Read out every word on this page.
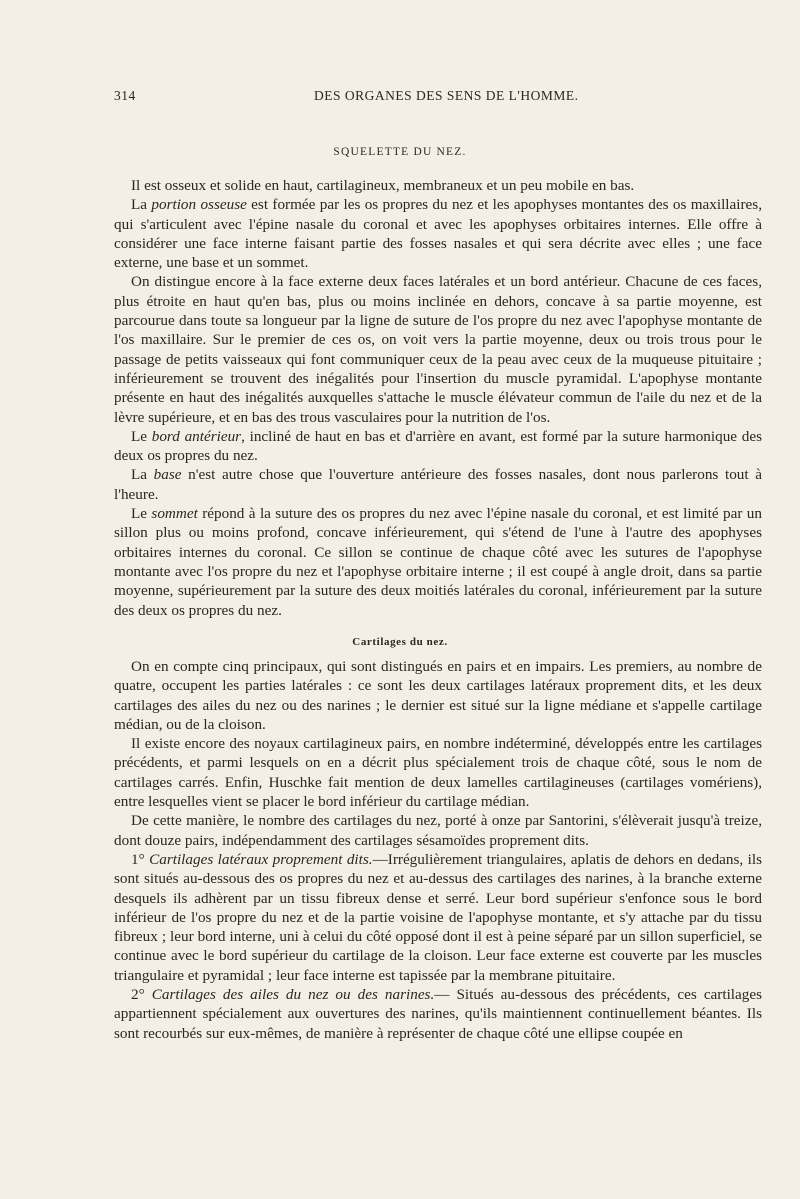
314	DES ORGANES DES SENS DE L'HOMME.
SQUELETTE DU NEZ.

Il est osseux et solide en haut, cartilagineux, membraneux et un peu mobile en bas.

La portion osseuse est formée par les os propres du nez et les apophyses montantes des os maxillaires, qui s'articulent avec l'épine nasale du coronal et avec les apophyses orbitaires internes. Elle offre à considérer une face interne faisant partie des fosses nasales et qui sera décrite avec elles ; une face externe, une base et un sommet.

On distingue encore à la face externe deux faces latérales et un bord antérieur. Chacune de ces faces, plus étroite en haut qu'en bas, plus ou moins inclinée en dehors, concave à sa partie moyenne, est parcourue dans toute sa longueur par la ligne de suture de l'os propre du nez avec l'apophyse montante de l'os maxillaire. Sur le premier de ces os, on voit vers la partie moyenne, deux ou trois trous pour le passage de petits vaisseaux qui font communiquer ceux de la peau avec ceux de la muqueuse pituitaire ; inférieurement se trouvent des inégalités pour l'insertion du muscle pyramidal. L'apophyse montante présente en haut des inégalités auxquelles s'attache le muscle élévateur commun de l'aile du nez et de la lèvre supérieure, et en bas des trous vasculaires pour la nutrition de l'os.

Le bord antérieur, incliné de haut en bas et d'arrière en avant, est formé par la suture harmonique des deux os propres du nez.

La base n'est autre chose que l'ouverture antérieure des fosses nasales, dont nous parlerons tout à l'heure.

Le sommet répond à la suture des os propres du nez avec l'épine nasale du coronal, et est limité par un sillon plus ou moins profond, concave inférieurement, qui s'étend de l'une à l'autre des apophyses orbitaires internes du coronal. Ce sillon se continue de chaque côté avec les sutures de l'apophyse montante avec l'os propre du nez et l'apophyse orbitaire interne ; il est coupé à angle droit, dans sa partie moyenne, supérieurement par la suture des deux moitiés latérales du coronal, inférieurement par la suture des deux os propres du nez.

Cartilages du nez.

On en compte cinq principaux, qui sont distingués en pairs et en impairs. Les premiers, au nombre de quatre, occupent les parties latérales : ce sont les deux cartilages latéraux proprement dits, et les deux cartilages des ailes du nez ou des narines ; le dernier est situé sur la ligne médiane et s'appelle cartilage médian, ou de la cloison.

Il existe encore des noyaux cartilagineux pairs, en nombre indéterminé, développés entre les cartilages précédents, et parmi lesquels on en a décrit plus spécialement trois de chaque côté, sous le nom de cartilages carrés. Enfin, Huschke fait mention de deux lamelles cartilagineuses (cartilages vomériens), entre lesquelles vient se placer le bord inférieur du cartilage médian.

De cette manière, le nombre des cartilages du nez, porté à onze par Santorini, s'élèverait jusqu'à treize, dont douze pairs, indépendamment des cartilages sésamoïdes proprement dits.

1° Cartilages latéraux proprement dits.—Irrégulièrement triangulaires, aplatis de dehors en dedans, ils sont situés au-dessous des os propres du nez et au-dessus des cartilages des narines, à la branche externe desquels ils adhèrent par un tissu fibreux dense et serré. Leur bord supérieur s'enfonce sous le bord inférieur de l'os propre du nez et de la partie voisine de l'apophyse montante, et s'y attache par du tissu fibreux ; leur bord interne, uni à celui du côté opposé dont il est à peine séparé par un sillon superficiel, se continue avec le bord supérieur du cartilage de la cloison. Leur face externe est couverte par les muscles triangulaire et pyramidal ; leur face interne est tapissée par la membrane pituitaire.

2° Cartilages des ailes du nez ou des narines.— Situés au-dessous des précédents, ces cartilages appartiennent spécialement aux ouvertures des narines, qu'ils maintiennent continuellement béantes. Ils sont recourbés sur eux-mêmes, de manière à représenter de chaque côté une ellipse coupée en
